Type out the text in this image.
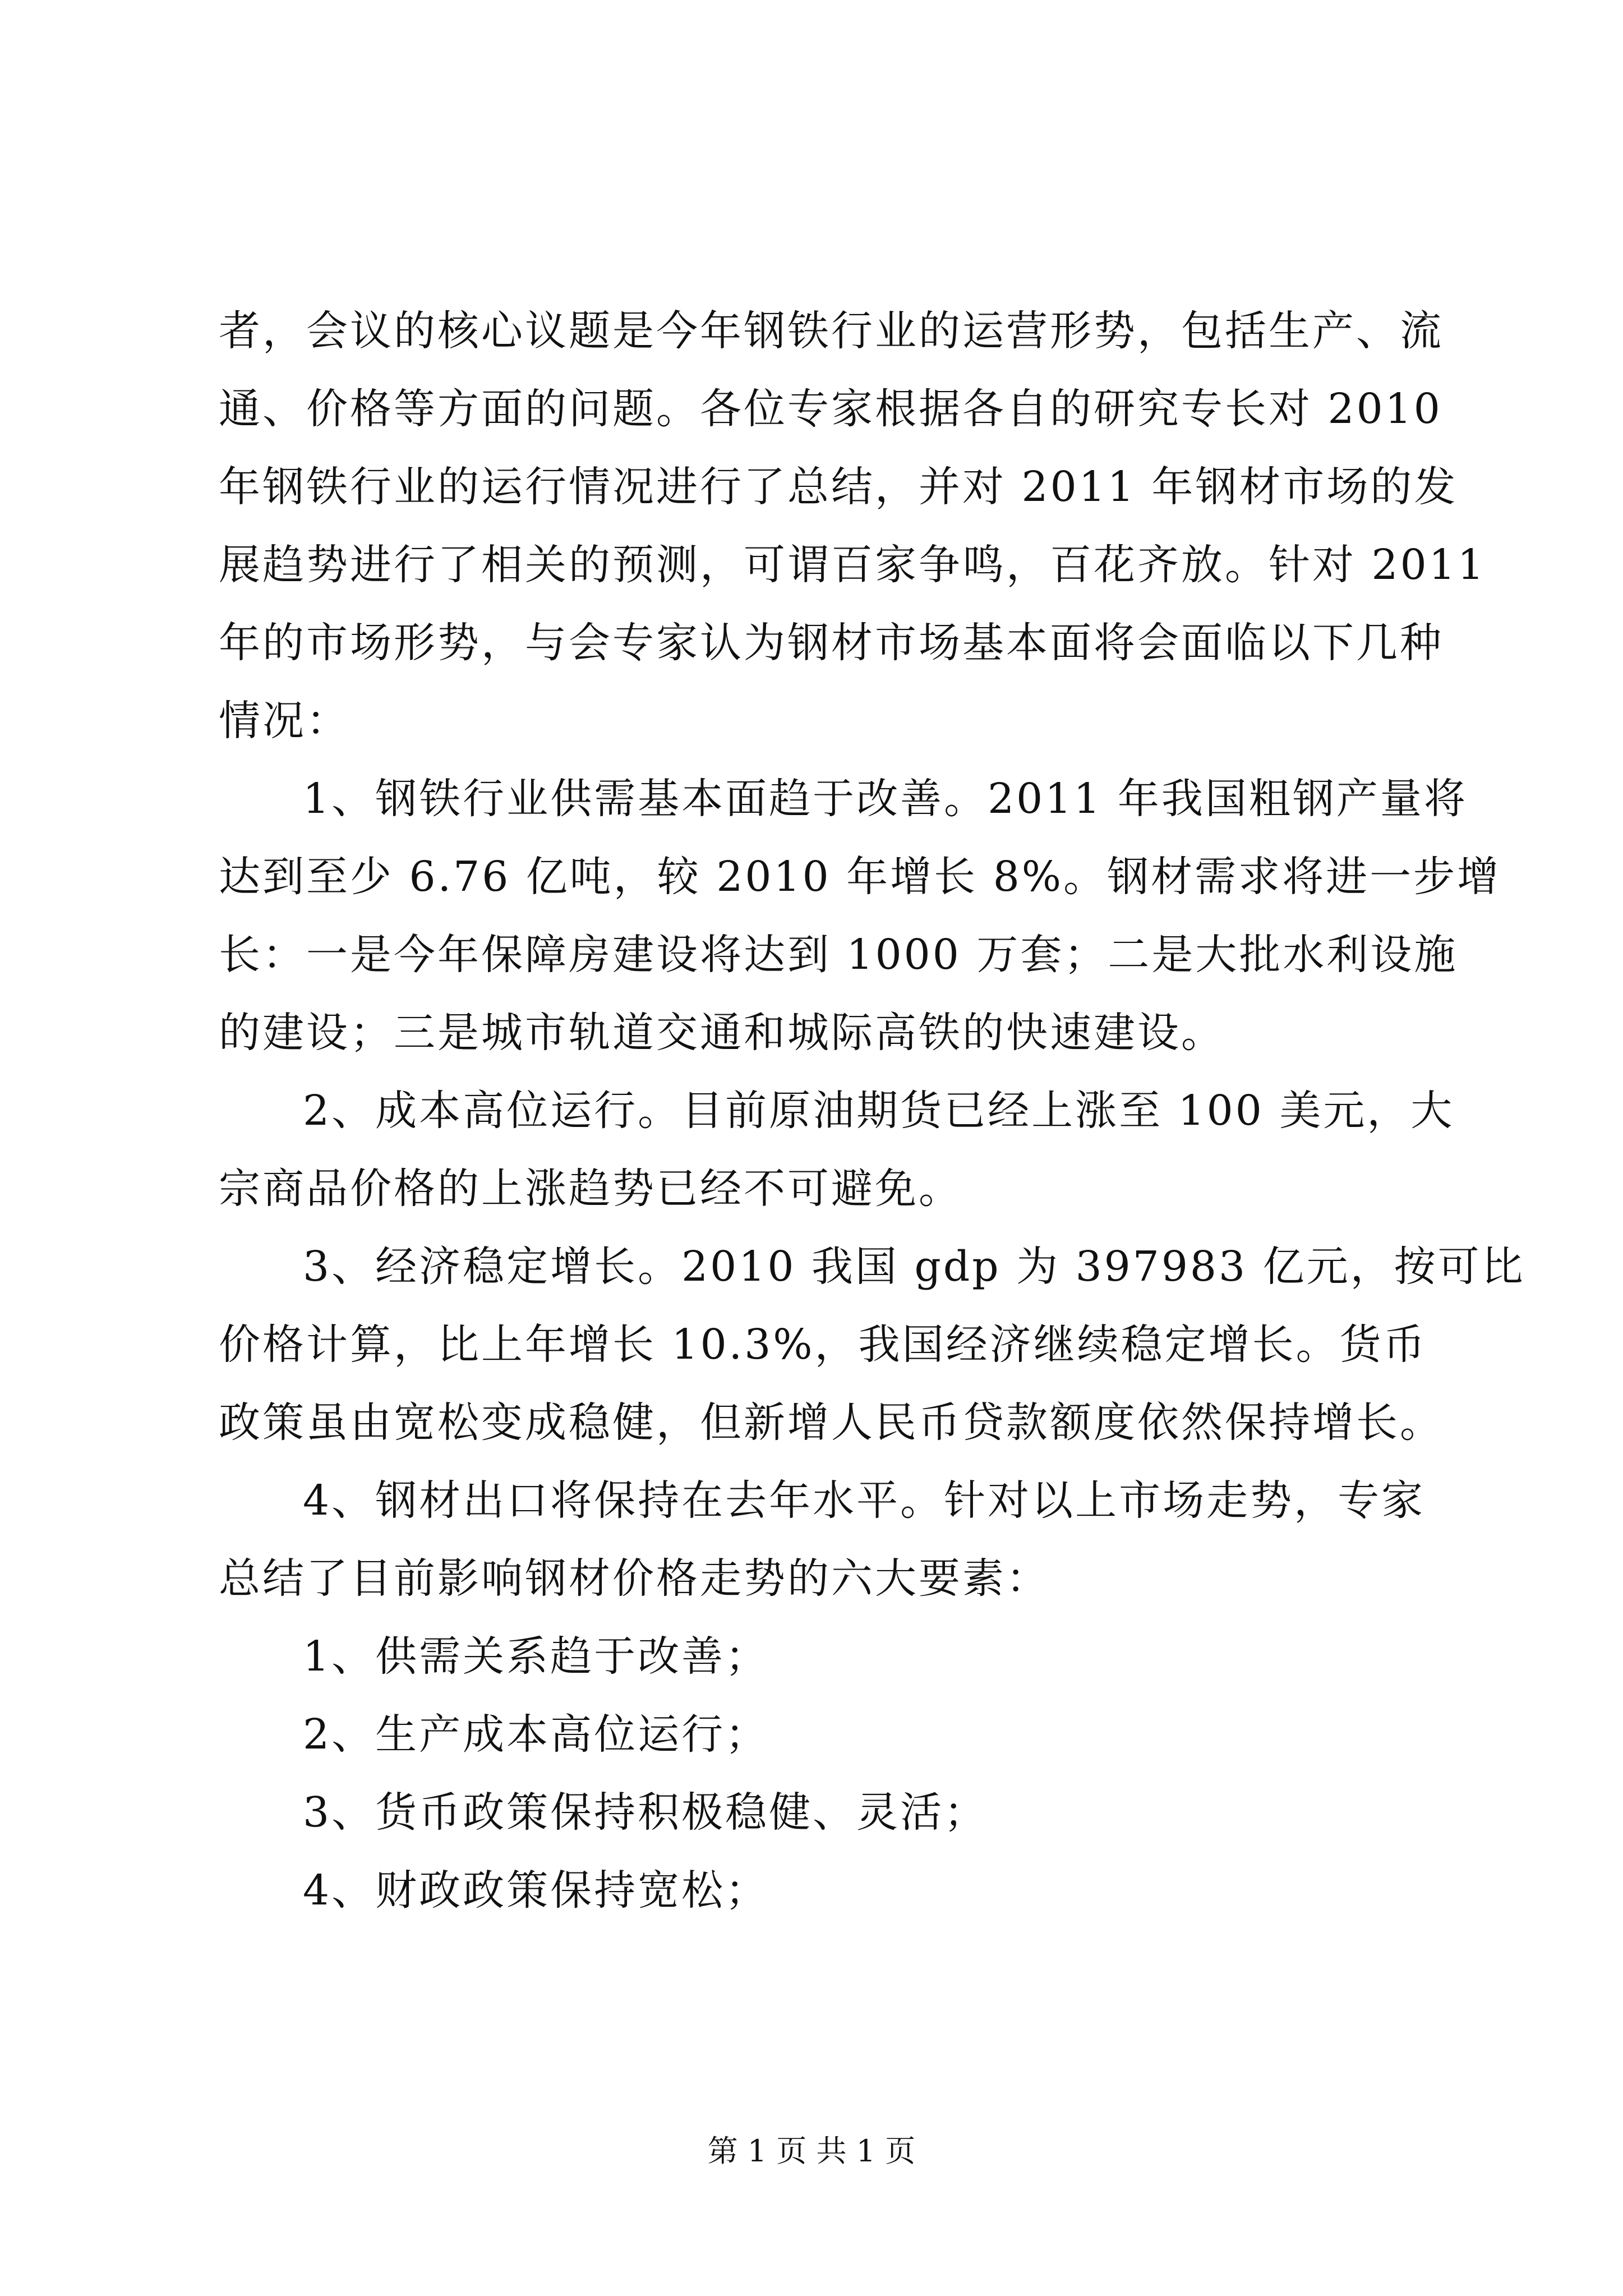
者，会议的核心议题是今年钢铁行业的运营形势，包括生产、流
通、价格等方面的问题。各位专家根据各自的研究专长对 2010
年钢铁行业的运行情况进行了总结，并对 2011 年钢材市场的发
展趋势进行了相关的预测，可谓百家争鸣，百花齐放。针对 2011
年的市场形势，与会专家认为钢材市场基本面将会面临以下几种
情况：
1、钢铁行业供需基本面趋于改善。2011 年我国粗钢产量将
达到至少 6.76 亿吨，较 2010 年增长 8%。钢材需求将进一步增
长：一是今年保障房建设将达到 1000 万套；二是大批水利设施
的建设；三是城市轨道交通和城际高铁的快速建设。
2、成本高位运行。目前原油期货已经上涨至 100 美元，大
宗商品价格的上涨趋势已经不可避免。
3、经济稳定增长。2010 我国 gdp 为 397983 亿元，按可比
价格计算，比上年增长 10.3%，我国经济继续稳定增长。货币
政策虽由宽松变成稳健，但新增人民币贷款额度依然保持增长。
4、钢材出口将保持在去年水平。针对以上市场走势，专家
总结了目前影响钢材价格走势的六大要素：
1、供需关系趋于改善；
2、生产成本高位运行；
3、货币政策保持积极稳健、灵活；
4、财政政策保持宽松；
第 1 页 共 1 页
